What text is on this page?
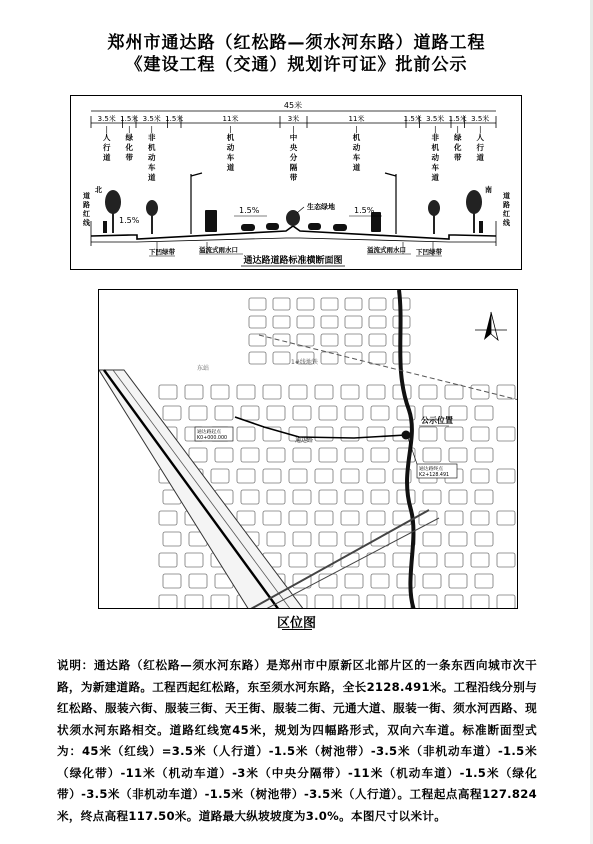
郑州市通达路（红松路—须水河东路）道路工程
《建设工程（交通）规划许可证》批前公示
45米
3.5米 1.5米 3.5米 1.5米	11米	3米	11米	1.5米 3.5米 1.5米 3.5米
人行道
绿化带
非机动车道
机动车道
中央分隔带
机动车道
非机动车道
绿化带
人行道
北	南
道
路
红
线
道
路
红
线
生态绿地
1.5%
1.5%	1.5%
下凹绿带	溢流式雨水口	溢流式雨水口 下凹绿带
通达路道路标准横断面图
1#线地铁
东站
通达路
公示位置
通达路起点
K0+000.000
通达路终点
K2+128.491
区位图
说明：通达路（红松路—须水河东路）是郑州市中原新区北部片区的一条东西向城市次干路，为新建道路。工程西起红松路，东至须水河东路，全长2128.491米。工程沿线分别与红松路、服装六街、服装三街、天王街、服装二街、元通大道、服装一街、须水河西路、现状须水河东路相交。道路红线宽45米，规划为四幅路形式，双向六车道。标准断面型式为：45米（红线）=3.5米（人行道）-1.5米（树池带）-3.5米（非机动车道）-1.5米（绿化带）-11米（机动车道）-3米（中央分隔带）-11米（机动车道）-1.5米（绿化带）-3.5米（非机动车道）-1.5米（树池带）-3.5米（人行道）。工程起点高程127.824米，终点高程117.50米。道路最大纵坡坡度为3.0%。本图尺寸以米计。
